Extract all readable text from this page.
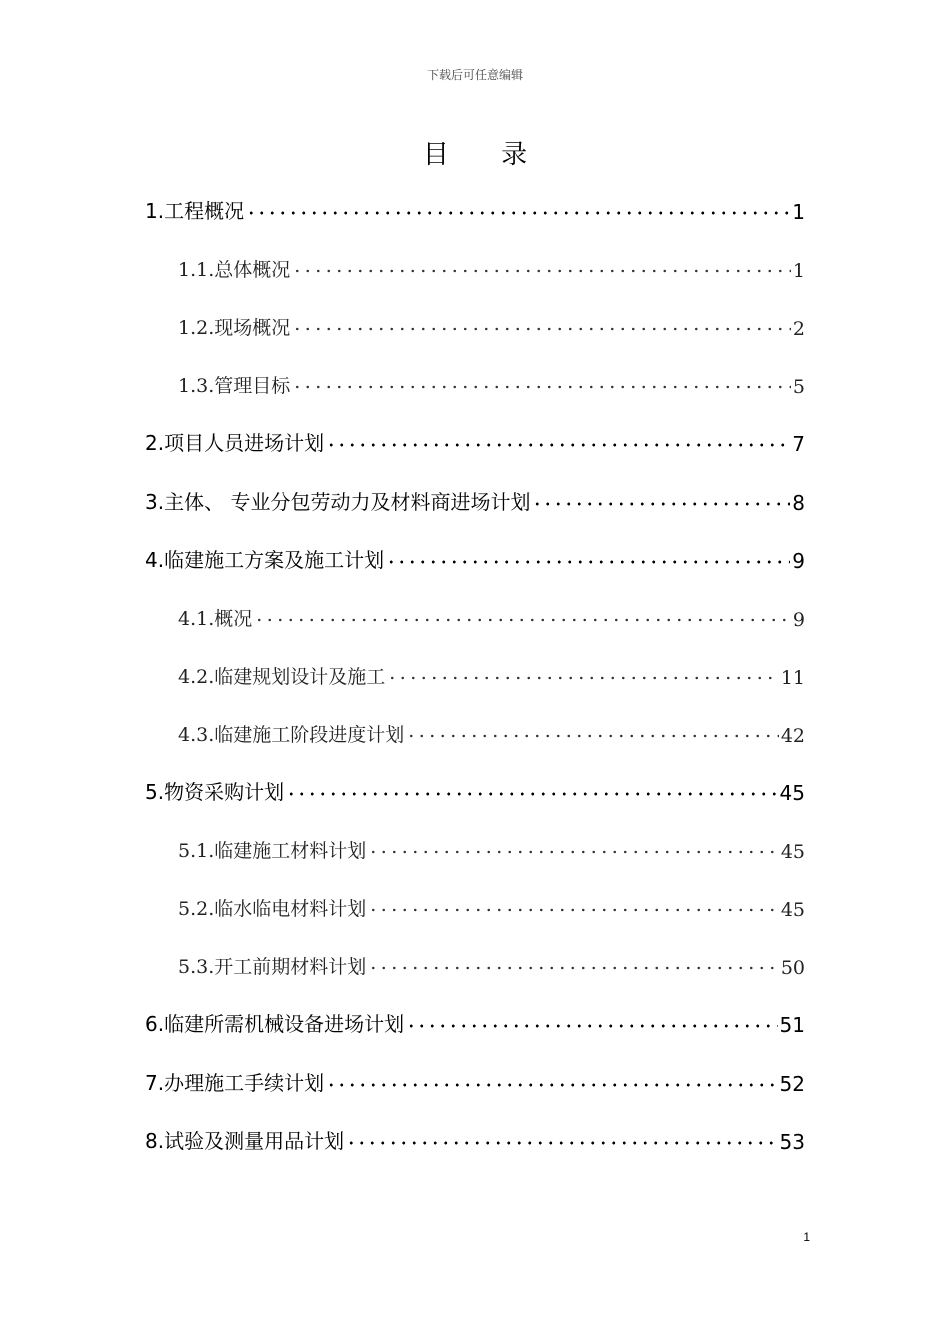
下载后可任意编辑
目 录
1.工程概况	1
1.1.总体概况	1
1.2.现场概况	2
1.3.管理目标	5
2.项目人员进场计划	7
3.主体、 专业分包劳动力及材料商进场计划	8
4.临建施工方案及施工计划	9
4.1.概况	9
4.2.临建规划设计及施工	11
4.3.临建施工阶段进度计划	42
5.物资采购计划	45
5.1.临建施工材料计划	45
5.2.临水临电材料计划	45
5.3.开工前期材料计划	50
6.临建所需机械设备进场计划	51
7.办理施工手续计划	52
8.试验及测量用品计划	53
1
